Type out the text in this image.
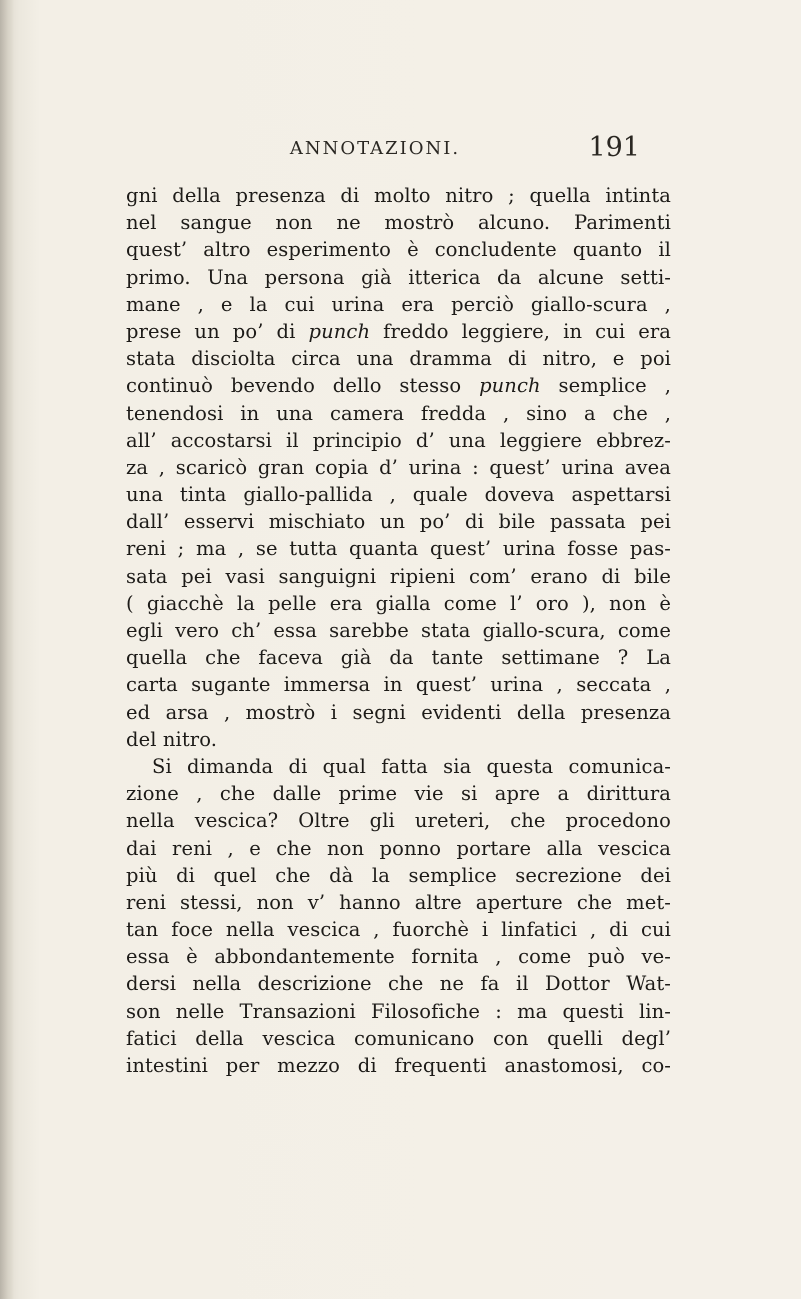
ANNOTAZIONI.	191
gni della presenza di molto nitro ; quella intinta
nel sangue non ne mostrò alcuno. Parimenti
quest’ altro esperimento è concludente quanto il
primo. Una persona già itterica da alcune setti-
mane , e la cui urina era perciò giallo-scura ,
prese un po’ di punch freddo leggiere, in cui era
stata disciolta circa una dramma di nitro, e poi
continuò bevendo dello stesso punch semplice ,
tenendosi in una camera fredda , sino a che ,
all’ accostarsi il principio d’ una leggiere ebbrez-
za , scaricò gran copia d’ urina : quest’ urina avea
una tinta giallo-pallida , quale doveva aspettarsi
dall’ esservi mischiato un po’ di bile passata pei
reni ; ma , se tutta quanta quest’ urina fosse pas-
sata pei vasi sanguigni ripieni com’ erano di bile
( giacchè la pelle era gialla come l’ oro ), non è
egli vero ch’ essa sarebbe stata giallo-scura, come
quella che faceva già da tante settimane ? La
carta sugante immersa in quest’ urina , seccata ,
ed arsa , mostrò i segni evidenti della presenza
del nitro.
Si dimanda di qual fatta sia questa comunica-
zione , che dalle prime vie si apre a dirittura
nella vescica? Oltre gli ureteri, che procedono
dai reni , e che non ponno portare alla vescica
più di quel che dà la semplice secrezione dei
reni stessi, non v’ hanno altre aperture che met-
tan foce nella vescica , fuorchè i linfatici , di cui
essa è abbondantemente fornita , come può ve-
dersi nella descrizione che ne fa il Dottor Wat-
son nelle Transazioni Filosofiche : ma questi lin-
fatici della vescica comunicano con quelli degl’
intestini per mezzo di frequenti anastomosi, co-
